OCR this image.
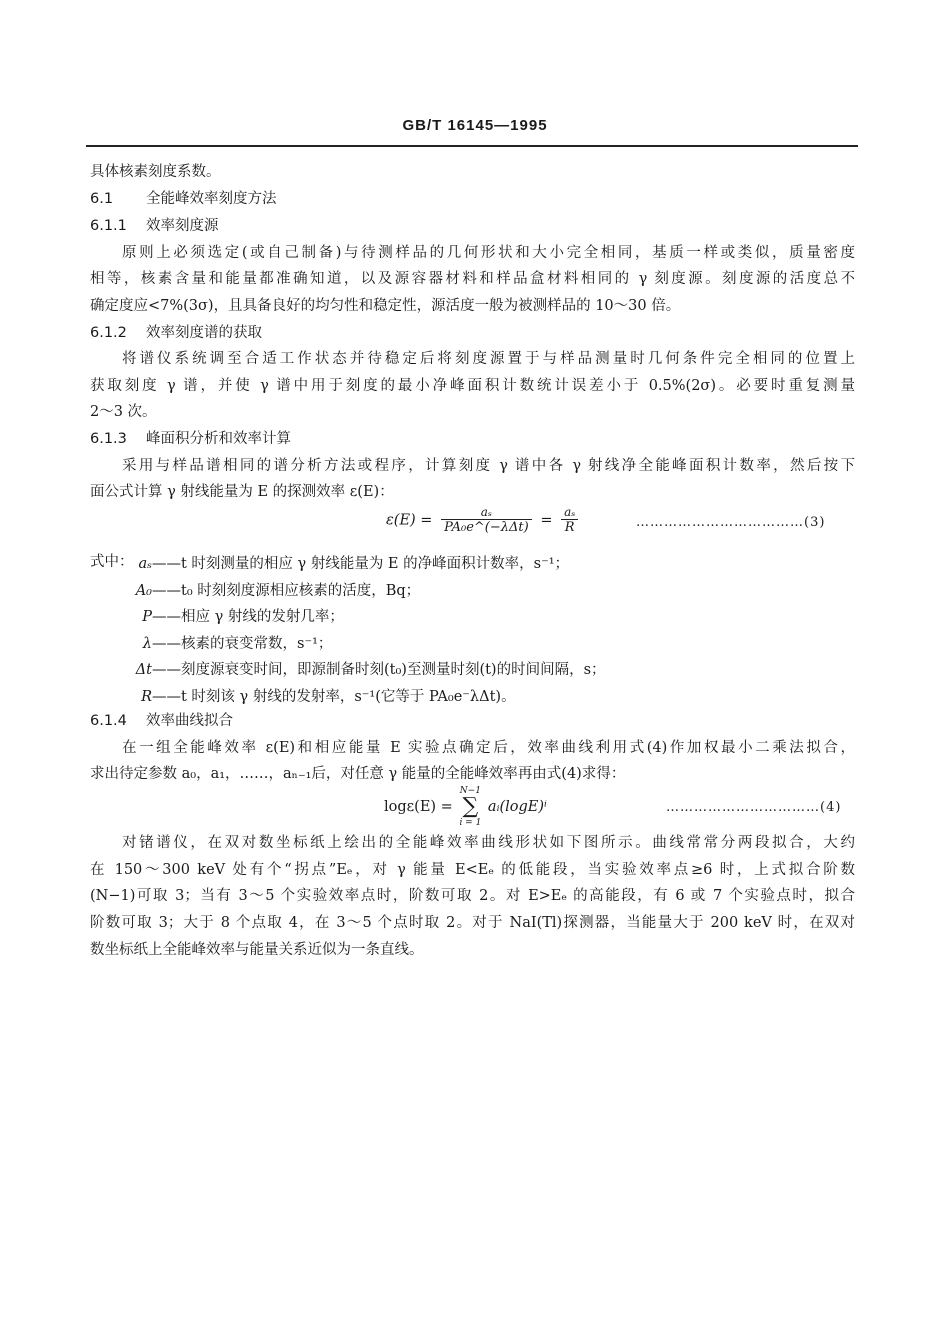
GB/T 16145—1995
具体核素刻度系数。
6.1 全能峰效率刻度方法
6.1.1 效率刻度源
原则上必须选定(或自己制备)与待测样品的几何形状和大小完全相同，基质一样或类似，质量密度
相等，核素含量和能量都准确知道，以及源容器材料和样品盒材料相同的 γ 刻度源。刻度源的活度总不
确定度应<7%(3σ)，且具备良好的均匀性和稳定性，源活度一般为被测样品的 10～30 倍。
6.1.2 效率刻度谱的获取
将谱仪系统调至合适工作状态并待稳定后将刻度源置于与样品测量时几何条件完全相同的位置上
获取刻度 γ 谱，并使 γ 谱中用于刻度的最小净峰面积计数统计误差小于 0.5%(2σ)。必要时重复测量
2～3 次。
6.1.3 峰面积分析和效率计算
采用与样品谱相同的谱分析方法或程序，计算刻度 γ 谱中各 γ 射线净全能峰面积计数率，然后按下
面公式计算 γ 射线能量为 E 的探测效率 ε(E)：
$\varepsilon(E) = \frac{\text{aₛ}}{\text{PA₀e\textasciicircum{}(−λΔt)}} = \frac{\text{aₛ}}{R}$	………………………………(3)
式中： aₛ——t 时刻测量的相应 γ 射线能量为 E 的净峰面积计数率，s⁻¹；
A₀——t₀ 时刻刻度源相应核素的活度，Bq；
P——相应 γ 射线的发射几率；
λ——核素的衰变常数，s⁻¹；
Δt——刻度源衰变时间，即源制备时刻(t₀)至测量时刻(t)的时间间隔，s；
R——t 时刻该 γ 射线的发射率，s⁻¹(它等于 PA₀e⁻λΔt)。
6.1.4 效率曲线拟合
在一组全能峰效率 ε(E)和相应能量 E 实验点确定后，效率曲线利用式(4)作加权最小二乘法拟合，
求出待定参数 a₀，a₁，……，aₙ₋₁后，对任意 γ 能量的全能峰效率再由式(4)求得：
logε(E) = N−1
∑
i = 1 aᵢ(logE)ⁱ	……………………………(4)
对锗谱仪，在双对数坐标纸上绘出的全能峰效率曲线形状如下图所示。曲线常常分两段拟合，大约
在 150～300 keV 处有个“拐点”Eₑ，对 γ 能量 E<Eₑ 的低能段，当实验效率点≥6 时，上式拟合阶数
(N−1)可取 3；当有 3～5 个实验效率点时，阶数可取 2。对 E>Eₑ 的高能段，有 6 或 7 个实验点时，拟合
阶数可取 3；大于 8 个点取 4，在 3～5 个点时取 2。对于 NaI(Tl)探测器，当能量大于 200 keV 时，在双对
数坐标纸上全能峰效率与能量关系近似为一条直线。
